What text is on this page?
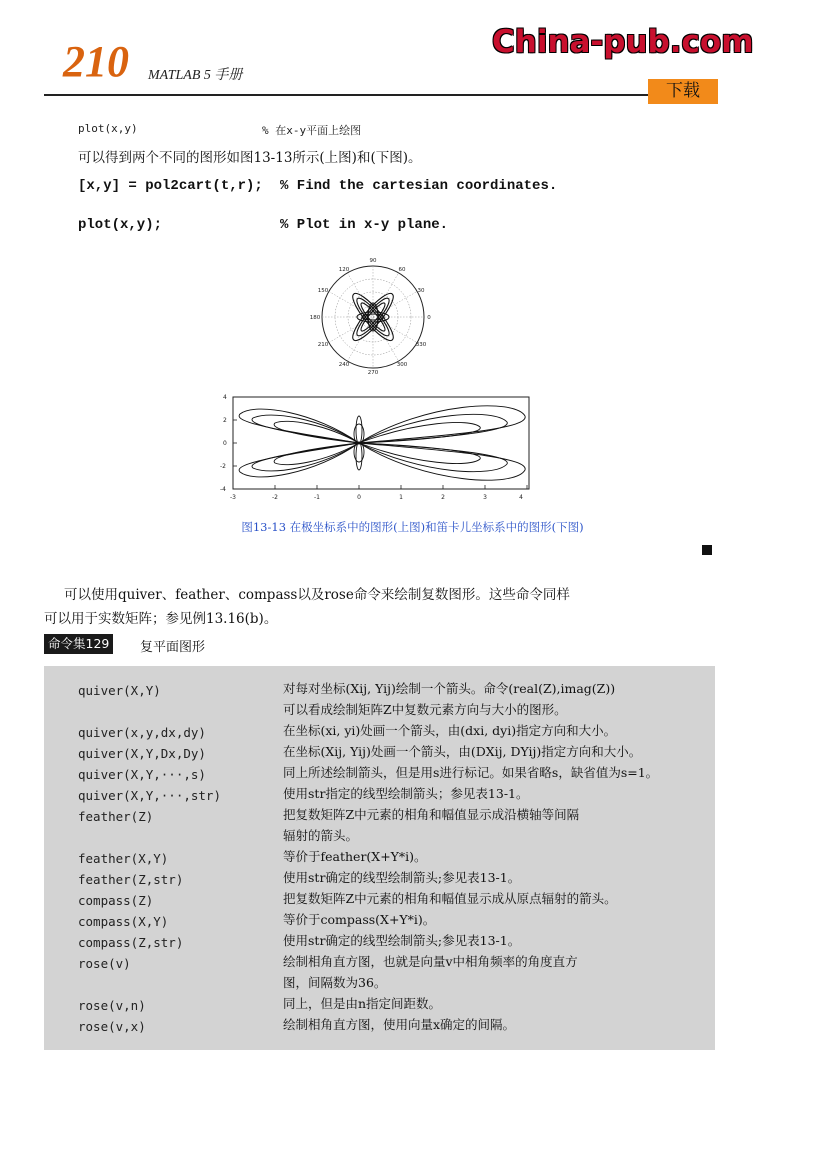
210 MATLAB 5 手册
China-pub.com
下载
plot(x,y)	% 在x-y平面上绘图
可以得到两个不同的图形如图13-13所示(上图)和(下图)。
[x,y] = pol2cart(t,r); % Find the cartesian coordinates.
plot(x,y);	% Plot in x-y plane.
90
60
30
0
330
300
270
240
210
180
150
120
4
2
0
-2
-4
-3	-2	-1	0	1	2	3	4
图13-13 在极坐标系中的图形(上图)和笛卡儿坐标系中的图形(下图)
可以使用quiver、feather、compass以及rose命令来绘制复数图形。这些命令同样
可以用于实数矩阵；参见例13.16(b)。
命令集129	复平面图形
quiver(X,Y)	对每对坐标(Xij, Yij)绘制一个箭头。命令(real(Z),imag(Z))
可以看成绘制矩阵Z中复数元素方向与大小的图形。
quiver(x,y,dx,dy)	在坐标(xi, yi)处画一个箭头，由(dxi, dyi)指定方向和大小。
quiver(X,Y,Dx,Dy)	在坐标(Xij, Yij)处画一个箭头，由(DXij, DYij)指定方向和大小。
quiver(X,Y,···,s)	同上所述绘制箭头，但是用s进行标记。如果省略s，缺省值为s=1。
quiver(X,Y,···,str)	使用str指定的线型绘制箭头；参见表13-1。
feather(Z)	把复数矩阵Z中元素的相角和幅值显示成沿横轴等间隔
辐射的箭头。
feather(X,Y)	等价于feather(X+Y*i)。
feather(Z,str)	使用str确定的线型绘制箭头;参见表13-1。
compass(Z)	把复数矩阵Z中元素的相角和幅值显示成从原点辐射的箭头。
compass(X,Y)	等价于compass(X+Y*i)。
compass(Z,str)	使用str确定的线型绘制箭头;参见表13-1。
rose(v)	绘制相角直方图，也就是向量v中相角频率的角度直方
图，间隔数为36。
rose(v,n)	同上，但是由n指定间距数。
rose(v,x)	绘制相角直方图，使用向量x确定的间隔。
